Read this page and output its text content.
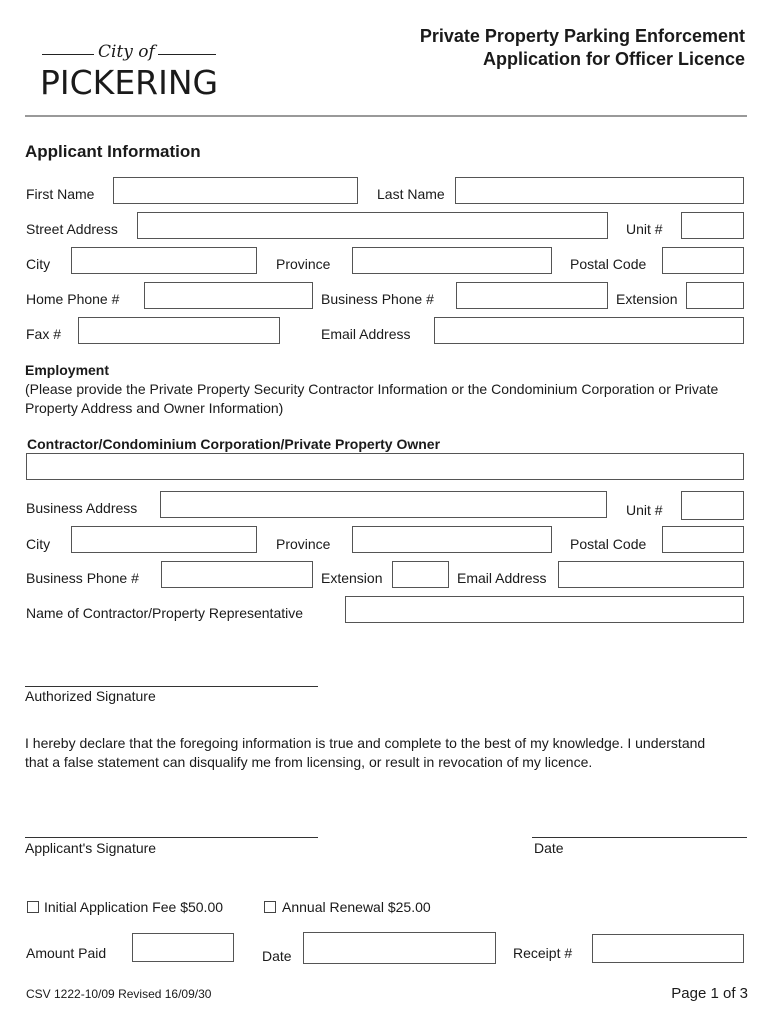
City of
PICKERING
Private Property Parking Enforcement
Application for Officer Licence
Applicant Information
First Name	Last Name
Street Address	Unit #
City	Province	Postal Code
Home Phone #	Business Phone #	Extension
Fax #	Email Address
Employment
(Please provide the Private Property Security Contractor Information or the Condominium Corporation or Private Property Address and Owner Information)
Contractor/Condominium Corporation/Private Property Owner
Business Address	Unit #
City	Province	Postal Code
Business Phone #	Extension	Email Address
Name of Contractor/Property Representative
Authorized Signature
I hereby declare that the foregoing information is true and complete to the best of my knowledge. I understand that a false statement can disqualify me from licensing, or result in revocation of my licence.
Applicant's Signature	Date
Initial Application Fee $50.00	Annual Renewal $25.00
Amount Paid	Date	Receipt #
CSV 1222-10/09 Revised 16/09/30	Page 1 of 3
